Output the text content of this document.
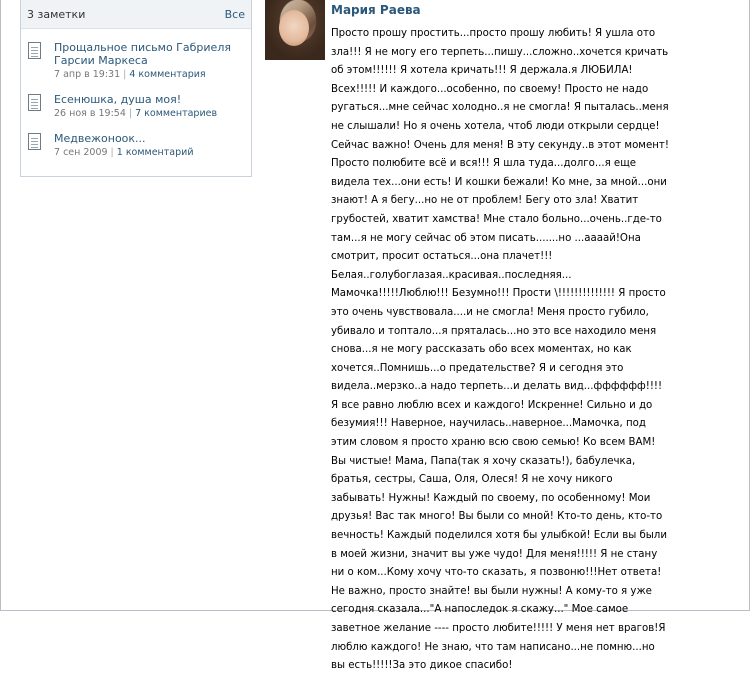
3 заметки	Все
Прощальное письмо Габриеля Гарсии Маркеса
7 апр в 19:31 | 4 комментария
Есенюшка, душа моя!
26 ноя в 19:54 | 7 комментариев
Медвежоноок...
7 сен 2009 | 1 комментарий
Мария Раева
Просто прошу простить...просто прошу любить! Я ушла ото
зла!!! Я не могу его терпеть...пишу...сложно..хочется кричать
об этом!!!!!! Я хотела кричать!!! Я держала.я ЛЮБИЛА!
Всех!!!!! И каждого...особенно, по своему! Просто не надо
ругаться...мне сейчас холодно..я не смогла! Я пыталась..меня
не слышали! Но я очень хотела, чтоб люди открыли сердце!
Сейчас важно! Очень для меня! В эту секунду..в этот момент!
Просто полюбите всё и вся!!! Я шла туда...долго...я еще
видела тех...они есть! И кошки бежали! Ко мне, за мной...они
знают! А я бегу...но не от проблем! Бегу ото зла! Хватит
грубостей, хватит хамства! Мне стало больно...очень..где-то
там...я не могу сейчас об этом писать.......но ...аааай!Она
смотрит, просит остаться...она плачет!!!
Белая..голубоглазая..красивая..последняя...
Мамочка!!!!!Люблю!!! Безумно!!! Прости \!!!!!!!!!!!!!! Я просто
это очень чувствовала....и не смогла! Меня просто губило,
убивало и топтало...я пряталась...но это все находило меня
снова...я не могу рассказать обо всех моментах, но как
хочется..Помнишь...о предательстве? Я и сегодня это
видела..мерзко..а надо терпеть...и делать вид...фффффф!!!!
Я все равно люблю всех и каждого! Искренне! Сильно и до
безумия!!! Наверное, научилась..наверное...Мамочка, под
этим словом я просто храню всю свою семью! Ко всем ВАМ!
Вы чистые! Мама, Папа(так я хочу сказать!), бабулечка,
братья, сестры, Саша, Оля, Олеся! Я не хочу никого
забывать! Нужны! Каждый по своему, по особенному! Мои
друзья! Вас так много! Вы были со мной! Кто-то день, кто-то
вечность! Каждый поделился хотя бы улыбкой! Если вы были
в моей жизни, значит вы уже чудо! Для меня!!!!! Я не стану
ни о ком...Кому хочу что-то сказать, я позвоню!!!Нет ответа!
Не важно, просто знайте! вы были нужны! А кому-то я уже
сегодня сказала..."А напоследок я скажу..." Мое самое
заветное желание ---- просто любите!!!!! У меня нет врагов!Я
люблю каждого! Не знаю, что там написано...не помню...но
вы есть!!!!!За это дикое спасибо!
